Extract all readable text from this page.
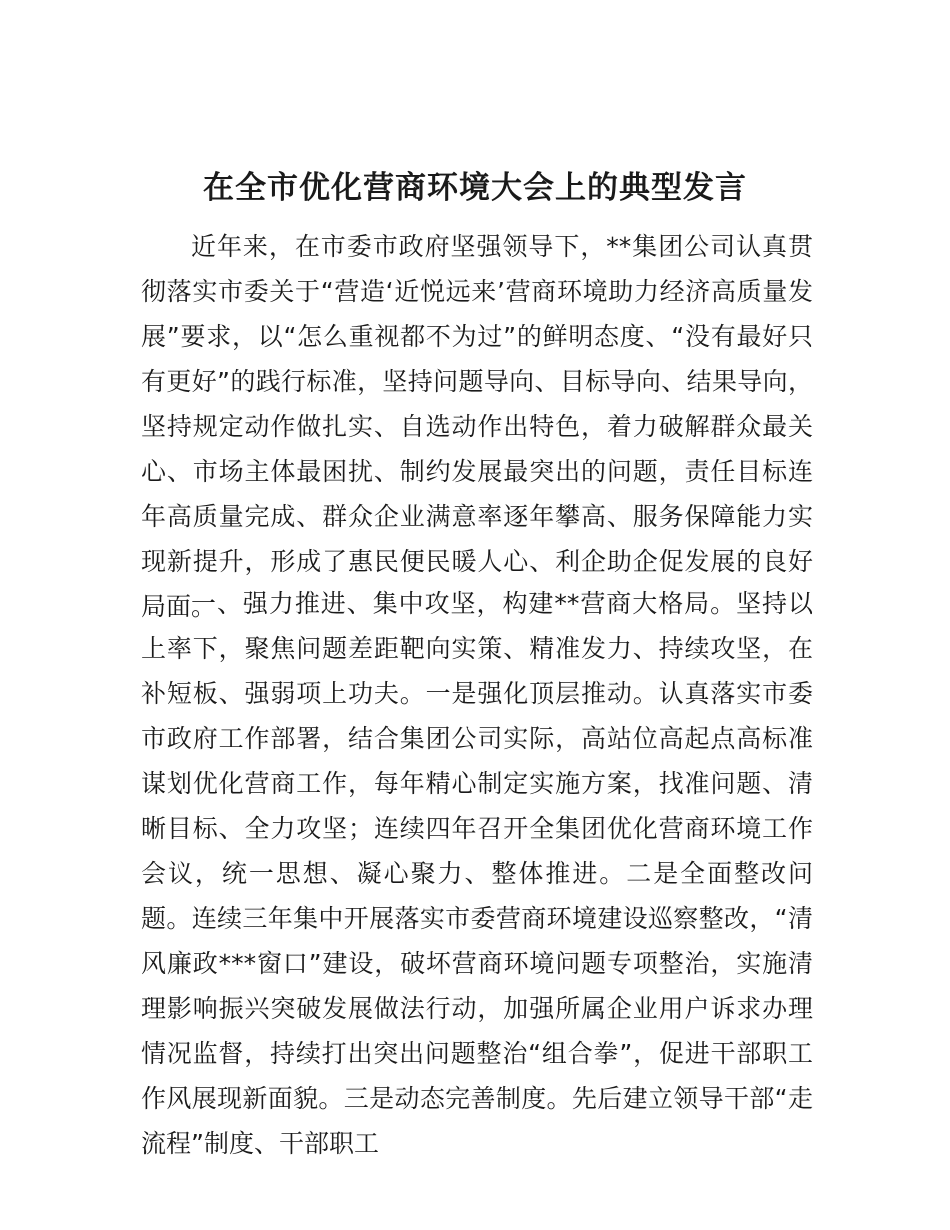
在全市优化营商环境大会上的典型发言

近年来，在市委市政府坚强领导下，**集团公司认真贯彻落实市委关于“营造‘近悦远来’营商环境助力经济高质量发展”要求，以“怎么重视都不为过”的鲜明态度、“没有最好只有更好”的践行标准，坚持问题导向、目标导向、结果导向，坚持规定动作做扎实、自选动作出特色，着力破解群众最关心、市场主体最困扰、制约发展最突出的问题，责任目标连年高质量完成、群众企业满意率逐年攀高、服务保障能力实现新提升，形成了惠民便民暖人心、利企助企促发展的良好局面。

一、强力推进、集中攻坚，构建**营商大格局。坚持以上率下，聚焦问题差距靶向实策、精准发力、持续攻坚，在补短板、强弱项上功夫。一是强化顶层推动。认真落实市委市政府工作部署，结合集团公司实际，高站位高起点高标准谋划优化营商工作，每年精心制定实施方案，找准问题、清晰目标、全力攻坚；连续四年召开全集团优化营商环境工作会议，统一思想、凝心聚力、整体推进。二是全面整改问题。连续三年集中开展落实市委营商环境建设巡察整改，“清风廉政***窗口”建设，破坏营商环境问题专项整治，实施清理影响振兴突破发展做法行动，加强所属企业用户诉求办理情况监督，持续打出突出问题整治“组合拳”，促进干部职工作风展现新面貌。三是动态完善制度。先后建立领导干部“走流程”制度、干部职工
